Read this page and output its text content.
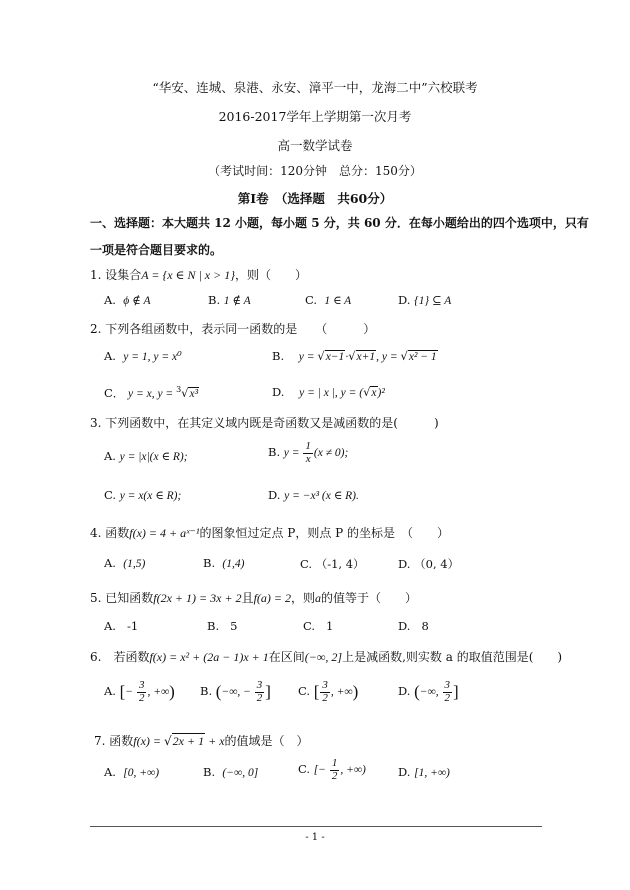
“华安、连城、泉港、永安、漳平一中，龙海二中”六校联考
2016-2017学年上学期第一次月考
高一数学试卷
（考试时间：120分钟　总分：150分）
第Ⅰ卷　（选择题　共60分）
一、选择题：本大题共 12 小题，每小题 5 分，共 60 分．在每小题给出的四个选项中，只有
一项是符合题目要求的。
1. 设集合A = {x ∈ N | x > 1}，则（　　）
A. ϕ ∉ A	B. 1 ∉ A	C. 1 ∈ A	D. {1} ⊆ A
2. 下列各组函数中，表示同一函数的是　　（　　　）
A. y = 1, y = x⁰	B. y = √x−1·√x+1, y = √x² − 1
C． y = x, y = $^3$√x³	D. y = | x |, y = (√x)²
3. 下列函数中，在其定义域内既是奇函数又是减函数的是(　　　)
A. y = |x|(x ∈ R);	B. $y = \frac{1}{x} (x \ne 0)$;
C. y = x(x ∈ R);	D. y = −x³ (x ∈ R).
4. 函数f(x) = 4 + aˣ⁻¹的图象恒过定点 P，则点 P 的坐标是　（　　）
A. (1,5)	B. (1,4)	C. （-1, 4）	D. （0, 4）
5. 已知函数f(2x + 1) = 3x + 2且f(a) = 2，则a的值等于（　　）
A. -1	B. 5	C. 1	D. 8
6.　若函数f(x) = x² + (2a − 1)x + 1在区间(−∞, 2]上是减函数,则实数 a 的取值范围是(　　)
A. [− $\frac{3}{2}$ , +∞) B. (−∞, − $\frac{3}{2}$ ] C. [ $\frac{3}{2}$ , +∞)	D. (−∞, $\frac{3}{2}$ ]
7. 函数f(x) = √2x + 1 + x的值域是（　）
A. [0, +∞)	B. (−∞, 0]	C. [− $\frac{1}{2}$ , +∞)	D. [1, +∞)
- 1 -
